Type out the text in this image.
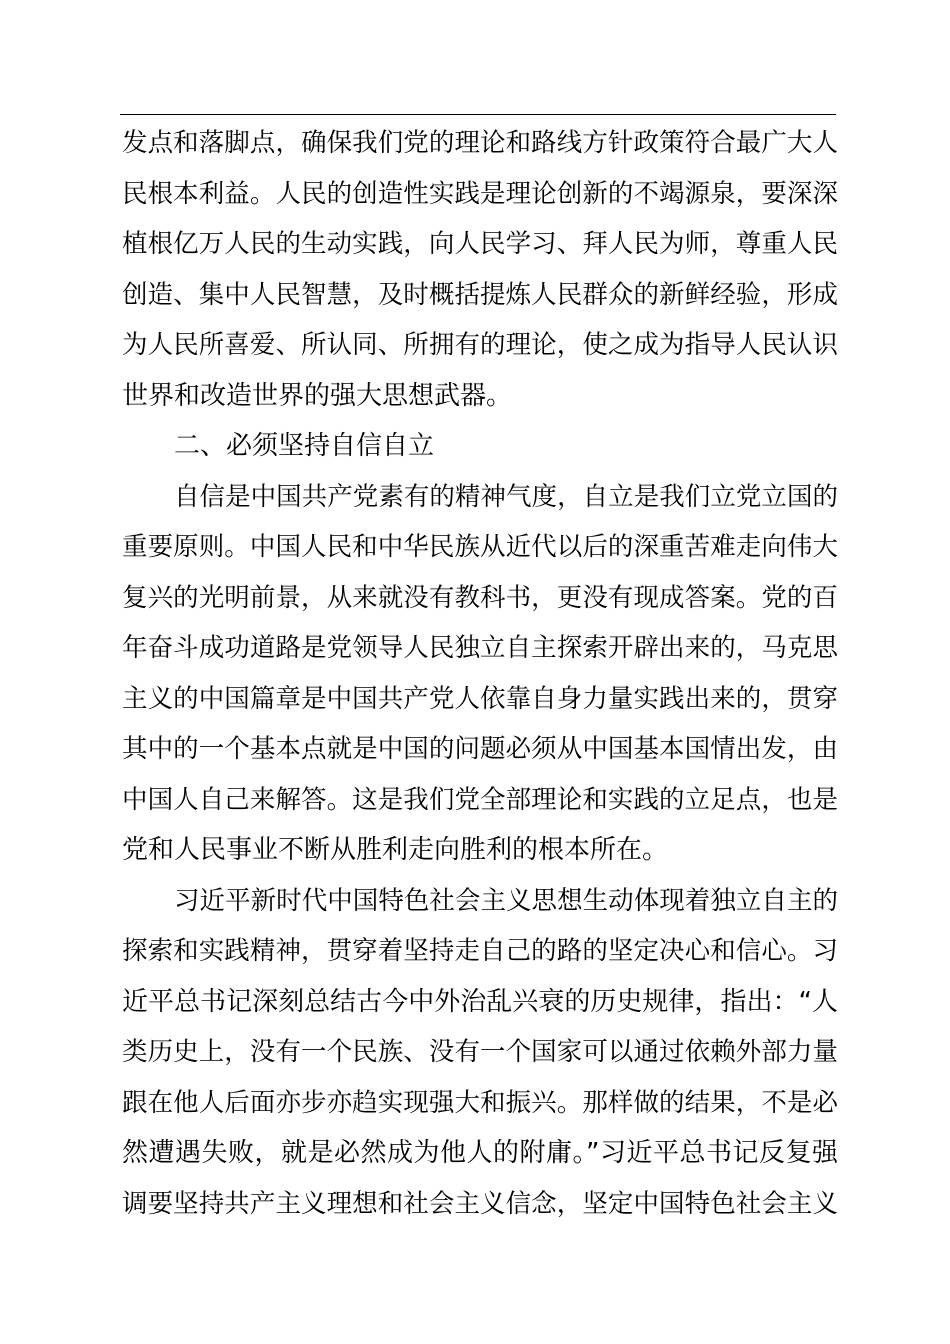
发点和落脚点，确保我们党的理论和路线方针政策符合最广大人
民根本利益。人民的创造性实践是理论创新的不竭源泉，要深深
植根亿万人民的生动实践，向人民学习、拜人民为师，尊重人民
创造、集中人民智慧，及时概括提炼人民群众的新鲜经验，形成
为人民所喜爱、所认同、所拥有的理论，使之成为指导人民认识
世界和改造世界的强大思想武器。
二、必须坚持自信自立
自信是中国共产党素有的精神气度，自立是我们立党立国的
重要原则。中国人民和中华民族从近代以后的深重苦难走向伟大
复兴的光明前景，从来就没有教科书，更没有现成答案。党的百
年奋斗成功道路是党领导人民独立自主探索开辟出来的，马克思
主义的中国篇章是中国共产党人依靠自身力量实践出来的，贯穿
其中的一个基本点就是中国的问题必须从中国基本国情出发，由
中国人自己来解答。这是我们党全部理论和实践的立足点，也是
党和人民事业不断从胜利走向胜利的根本所在。
习近平新时代中国特色社会主义思想生动体现着独立自主的
探索和实践精神，贯穿着坚持走自己的路的坚定决心和信心。习
近平总书记深刻总结古今中外治乱兴衰的历史规律，指出：“人
类历史上，没有一个民族、没有一个国家可以通过依赖外部力量
跟在他人后面亦步亦趋实现强大和振兴。那样做的结果，不是必
然遭遇失败，就是必然成为他人的附庸。”习近平总书记反复强
调要坚持共产主义理想和社会主义信念，坚定中国特色社会主义
